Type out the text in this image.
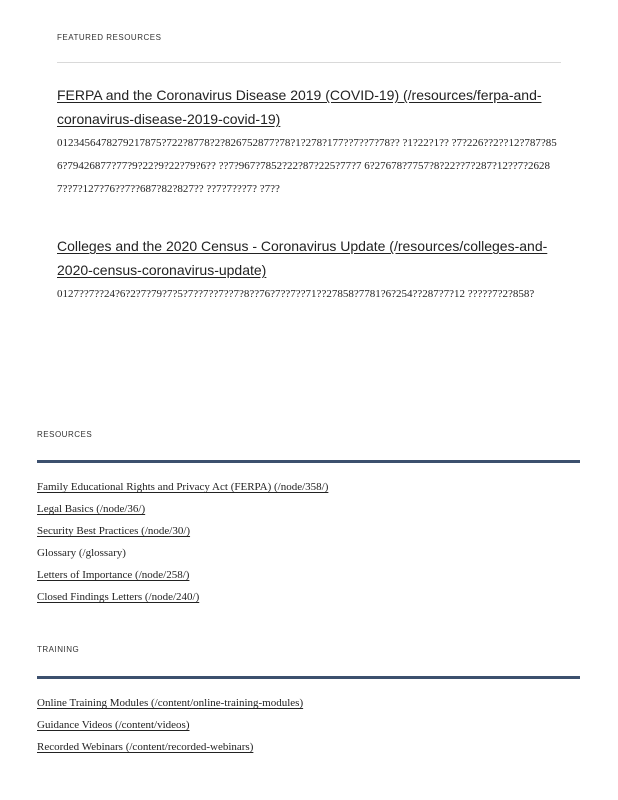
FEATURED RESOURCES
FERPA and the Coronavirus Disease 2019 (COVID-19) (/resources/ferpa-and-coronavirus-disease-2019-covid-19)
0123456478279217875?722?8778?2?826752877?78?1?278?177??7??7?78?? ?1?22?1?? ?7?226??2??12?787?856?79426877?77?9?22?9?22?79?6?? ??7?967?7852?22?87?225?77?7 6?27678?7757?8?22??7?287?12??7?26287??7?127?76??7??687?82?827?? ??7?7???7? ?7??
Colleges and the 2020 Census - Coronavirus Update (/resources/colleges-and-2020-census-coronavirus-update)
0127??7??24?6?2?7?79?7?5?7??7??7??7?8??76?7??7??71??27858?7781?6?254??287?7?12 ?????7?2?858?
RESOURCES
Family Educational Rights and Privacy Act (FERPA) (/node/358/)
Legal Basics (/node/36/)
Security Best Practices (/node/30/)
Glossary (/glossary)
Letters of Importance (/node/258/)
Closed Findings Letters (/node/240/)
TRAINING
Online Training Modules (/content/online-training-modules)
Guidance Videos (/content/videos)
Recorded Webinars (/content/recorded-webinars)
